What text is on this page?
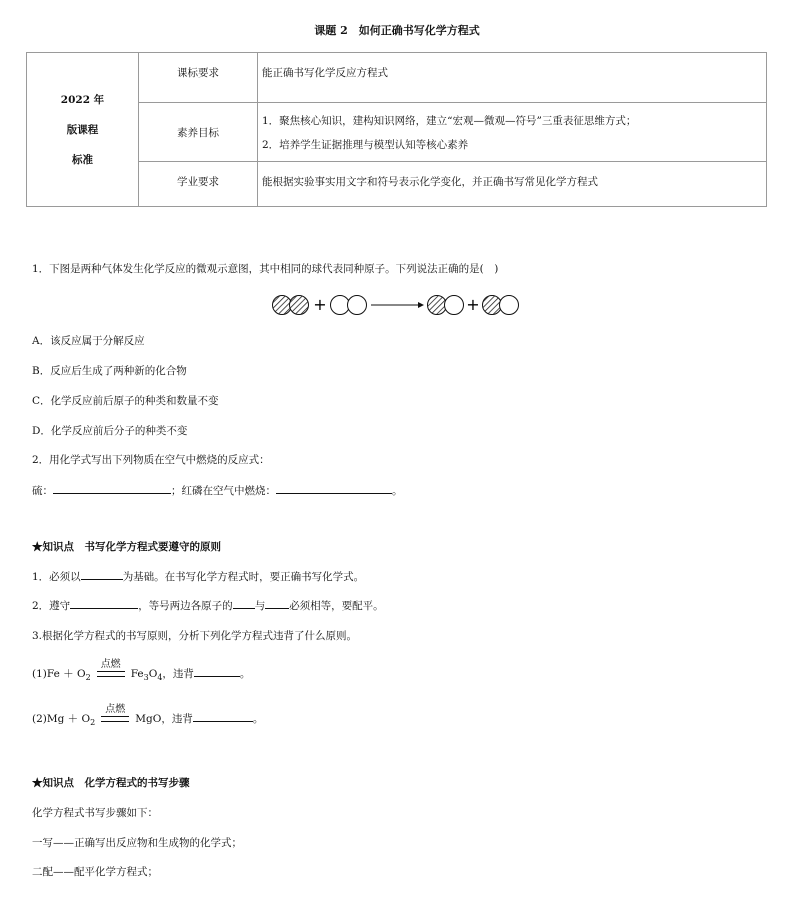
课题 2　如何正确书写化学方程式
2022 年
版课程
标准	课标要求	能正确书写化学反应方程式

	素养目标	1．聚焦核心知识，建构知识网络，建立“宏观—微观—符号”三重表征思维方式；
2．培养学生证据推理与模型认知等核心素养

	学业要求	能根据实验事实用文字和符号表示化学变化，并正确书写常见化学方程式
1．下图是两种气体发生化学反应的微观示意图，其中相同的球代表同种原子。下列说法正确的是(　)
+	+
A．该反应属于分解反应
B．反应后生成了两种新的化合物
C．化学反应前后原子的种类和数量不变
D．化学反应前后分子的种类不变
2．用化学式写出下列物质在空气中燃烧的反应式：
硫：	；红磷在空气中燃烧：	。
★知识点　书写化学方程式要遵守的原则
1．必须以	为基础。在书写化学方程式时，要正确书写化学式。
2．遵守	，等号两边各原子的 与 必须相等，要配平。
3.根据化学方程式的书写原则，分析下列化学方程式违背了什么原则。
$(1)Fe + O_2$
点燃
$Fe_3O_4$，违背	。
$(2)Mg + O_2$
点燃
MgO，违背	。
★知识点　化学方程式的书写步骤
化学方程式书写步骤如下：
一写——正确写出反应物和生成物的化学式；
二配——配平化学方程式；
